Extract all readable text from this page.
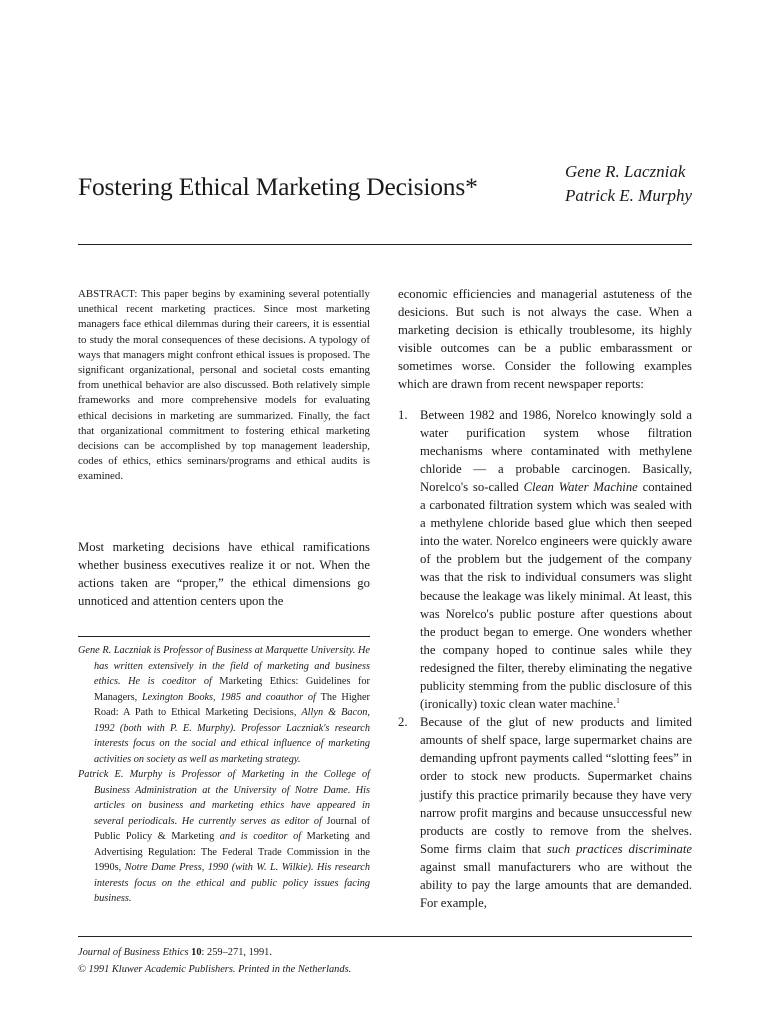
Fostering Ethical Marketing Decisions*
Gene R. Laczniak
Patrick E. Murphy

ABSTRACT: This paper begins by examining several potentially unethical recent marketing practices. Since most marketing managers face ethical dilemmas during their careers, it is essential to study the moral consequences of these decisions. A typology of ways that managers might confront ethical issues is proposed. The significant organizational, personal and societal costs emanting from unethical behavior are also discussed. Both relatively simple frameworks and more comprehensive models for evaluating ethical decisions in marketing are summarized. Finally, the fact that organizational commitment to fostering ethical marketing decisions can be accomplished by top management leadership, codes of ethics, ethics seminars/programs and ethical audits is examined.

Most marketing decisions have ethical ramifications whether business executives realize it or not. When the actions taken are “proper,” the ethical dimensions go unnoticed and attention centers upon the

Gene R. Laczniak is Professor of Business at Marquette University. He has written extensively in the field of marketing and business ethics. He is coeditor of Marketing Ethics: Guidelines for Managers, Lexington Books, 1985 and coauthor of The Higher Road: A Path to Ethical Marketing Decisions, Allyn & Bacon, 1992 (both with P. E. Murphy). Professor Laczniak's research interests focus on the social and ethical influence of marketing activities on society as well as marketing strategy.

Patrick E. Murphy is Professor of Marketing in the College of Business Administration at the University of Notre Dame. His articles on business and marketing ethics have appeared in several periodicals. He currently serves as editor of Journal of Public Policy & Marketing and is coeditor of Marketing and Advertising Regulation: The Federal Trade Commission in the 1990s, Notre Dame Press, 1990 (with W. L. Wilkie). His research interests focus on the ethical and public policy issues facing business.

economic efficiencies and managerial astuteness of the desicions. But such is not always the case. When a marketing decision is ethically troublesome, its highly visible outcomes can be a public embarassment or sometimes worse. Consider the following examples which are drawn from recent newspaper reports:

1. Between 1982 and 1986, Norelco knowingly sold a water purification system whose filtration mechanisms where contaminated with methylene chloride — a probable carcinogen. Basically, Norelco's so-called Clean Water Machine contained a carbonated filtration system which was sealed with a methylene chloride based glue which then seeped into the water. Norelco engineers were quickly aware of the problem but the judgement of the company was that the risk to individual consumers was slight because the leakage was likely minimal. At least, this was Norelco's public posture after questions about the product began to emerge. One wonders whether the company hoped to continue sales while they redesigned the filter, thereby eliminating the negative publicity stemming from the public disclosure of this (ironically) toxic clean water machine.$^1$
2. Because of the glut of new products and limited amounts of shelf space, large supermarket chains are demanding upfront payments called “slotting fees” in order to stock new products. Supermarket chains justify this practice primarily because they have very narrow profit margins and because unsuccessful new products are costly to remove from the shelves. Some firms claim that such practices discriminate against small manufacturers who are without the ability to pay the large amounts that are demanded. For example,
Journal of Business Ethics 10: 259–271, 1991.
© 1991 Kluwer Academic Publishers. Printed in the Netherlands.
